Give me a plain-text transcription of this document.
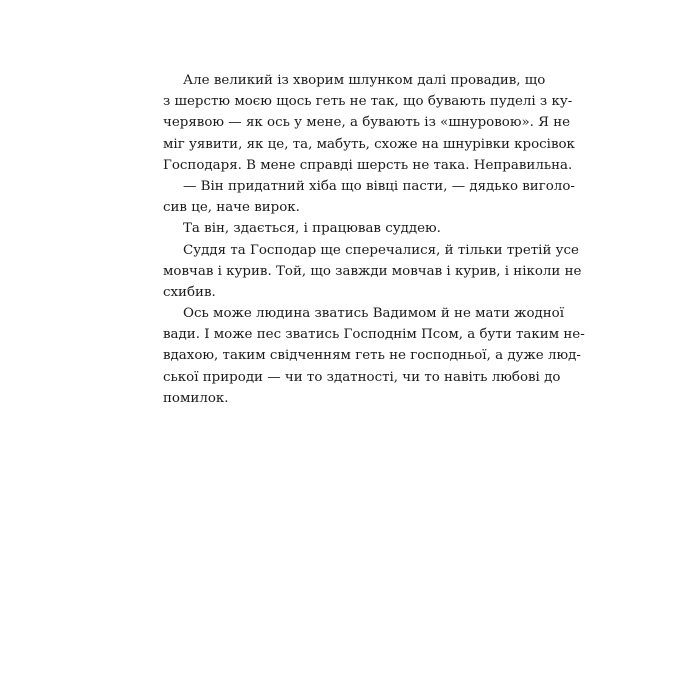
Але великий із хворим шлунком далі провадив, що
з шерстю моєю щось геть не так, що бувають пуделі з ку-
черявою — як ось у мене, а бувають із «шнуровою». Я не
міг уявити, як це, та, мабуть, схоже на шнурівки кросівок
Господаря. В мене справді шерсть не така. Неправильна.
— Він придатний хіба що вівці пасти, — дядько виголо-
сив це, наче вирок.
Та він, здається, і працював суддею.
Суддя та Господар ще сперечалися, й тільки третій усе
мовчав і курив. Той, що завжди мовчав і курив, і ніколи не
схибив.
Ось може людина зватись Вадимом й не мати жодної
вади. І може пес зватись Господнім Псом, а бути таким не-
вдахою, таким свідченням геть не господньої, а дуже люд-
ської природи — чи то здатності, чи то навіть любові до
помилок.
